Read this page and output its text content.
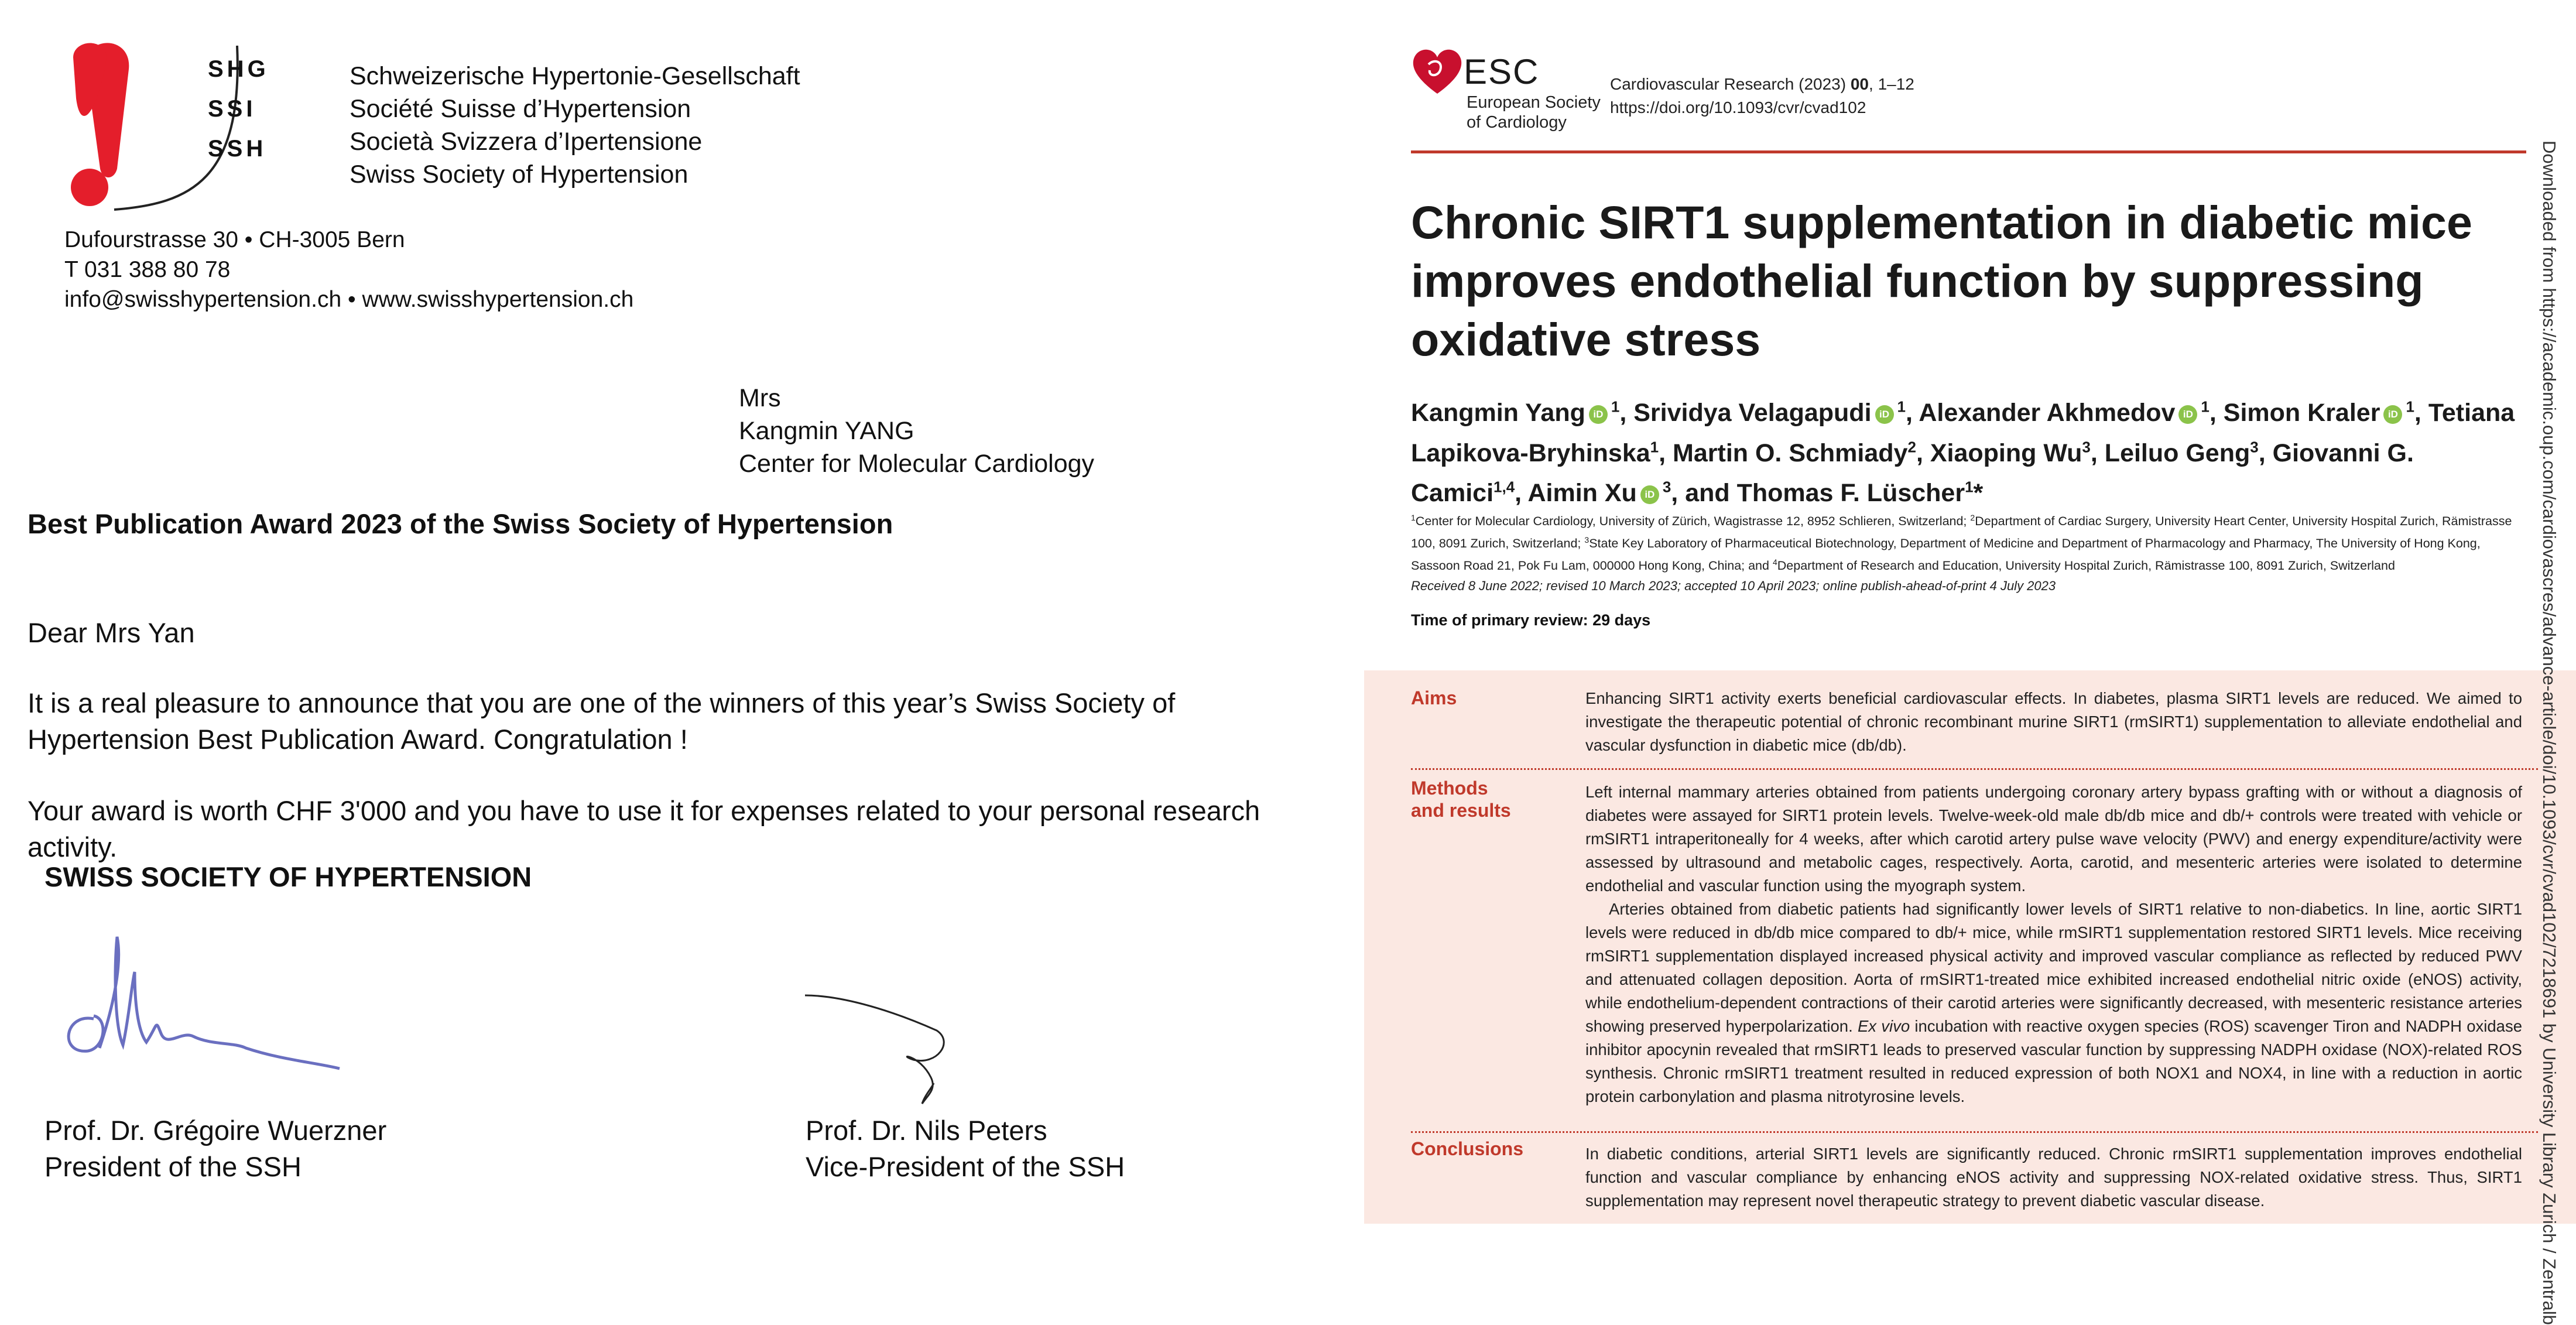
SHG
SSI
SSH
Schweizerische Hypertonie-Gesellschaft
Société Suisse d’Hypertension
Società Svizzera d’Ipertensione
Swiss Society of Hypertension
Dufourstrasse 30 • CH-3005 Bern
T 031 388 80 78
info@swisshypertension.ch • www.swisshypertension.ch
Mrs
Kangmin YANG
Center for Molecular Cardiology
Best Publication Award 2023 of the Swiss Society of Hypertension
Dear Mrs Yan
It is a real pleasure to announce that you are one of the winners of this year’s Swiss Society of Hypertension Best Publication Award. Congratulation !
Your award is worth CHF 3'000 and you have to use it for expenses related to your personal research activity.
SWISS SOCIETY OF HYPERTENSION
Prof. Dr. Grégoire Wuerzner
President of the SSH
Prof. Dr. Nils Peters
Vice-President of the SSH
ESC
European Society
of Cardiology
Cardiovascular Research (2023) 00, 1–12
https://doi.org/10.1093/cvr/cvad102
Chronic SIRT1 supplementation in diabetic mice improves endothelial function by suppressing oxidative stress
Kangmin Yang iD $^1$, Srividya Velagapudi iD $^1$, Alexander Akhmedov iD $^1$, Simon Kraler iD $^1$, Tetiana Lapikova-Bryhinska$^1$, Martin O. Schmiady$^2$, Xiaoping Wu$^3$, Leiluo Geng$^3$, Giovanni G. Camici$^{1,4}$, Aimin Xu iD $^3$, and Thomas F. Lüscher$^1$*
$^1$Center for Molecular Cardiology, University of Zürich, Wagistrasse 12, 8952 Schlieren, Switzerland; $^2$Department of Cardiac Surgery, University Heart Center, University Hospital Zurich, Rämistrasse 100, 8091 Zurich, Switzerland; $^3$State Key Laboratory of Pharmaceutical Biotechnology, Department of Medicine and Department of Pharmacology and Pharmacy, The University of Hong Kong, Sassoon Road 21, Pok Fu Lam, 000000 Hong Kong, China; and $^4$Department of Research and Education, University Hospital Zurich, Rämistrasse 100, 8091 Zurich, Switzerland
Received 8 June 2022; revised 10 March 2023; accepted 10 April 2023; online publish-ahead-of-print 4 July 2023
Time of primary review: 29 days
Aims	Enhancing SIRT1 activity exerts beneficial cardiovascular effects. In diabetes, plasma SIRT1 levels are reduced. We aimed to investigate the therapeutic potential of chronic recombinant murine SIRT1 (rmSIRT1) supplementation to alleviate endothelial and vascular dysfunction in diabetic mice (db/db).
Methods
and results
Left internal mammary arteries obtained from patients undergoing coronary artery bypass grafting with or without a diagnosis of diabetes were assayed for SIRT1 protein levels. Twelve-week-old male db/db mice and db/+ controls were treated with vehicle or rmSIRT1 intraperitoneally for 4 weeks, after which carotid artery pulse wave velocity (PWV) and energy expenditure/activity were assessed by ultrasound and metabolic cages, respectively. Aorta, carotid, and mesenteric arteries were isolated to determine endothelial and vascular function using the myograph system.
Arteries obtained from diabetic patients had significantly lower levels of SIRT1 relative to non-diabetics. In line, aortic SIRT1 levels were reduced in db/db mice compared to db/+ mice, while rmSIRT1 supplementation restored SIRT1 levels. Mice receiving rmSIRT1 supplementation displayed increased physical activity and improved vascular compliance as reflected by reduced PWV and attenuated collagen deposition. Aorta of rmSIRT1-treated mice exhibited increased endothelial nitric oxide (eNOS) activity, while endothelium-dependent contractions of their carotid arteries were significantly decreased, with mesenteric resistance arteries showing preserved hyperpolarization. Ex vivo incubation with reactive oxygen species (ROS) scavenger Tiron and NADPH oxidase inhibitor apocynin revealed that rmSIRT1 leads to preserved vascular function by suppressing NADPH oxidase (NOX)-related ROS synthesis. Chronic rmSIRT1 treatment resulted in reduced expression of both NOX1 and NOX4, in line with a reduction in aortic protein carbonylation and plasma nitrotyrosine levels.
Conclusions	In diabetic conditions, arterial SIRT1 levels are significantly reduced. Chronic rmSIRT1 supplementation improves endothelial function and vascular compliance by enhancing eNOS activity and suppressing NOX-related oxidative stress. Thus, SIRT1 supplementation may represent novel therapeutic strategy to prevent diabetic vascular disease.	Downloaded from https://academic.oup.com/cardiovascres/advance-article/doi/10.1093/cvr/cvad102/7218691 by University Library Zurich / Zentralb
